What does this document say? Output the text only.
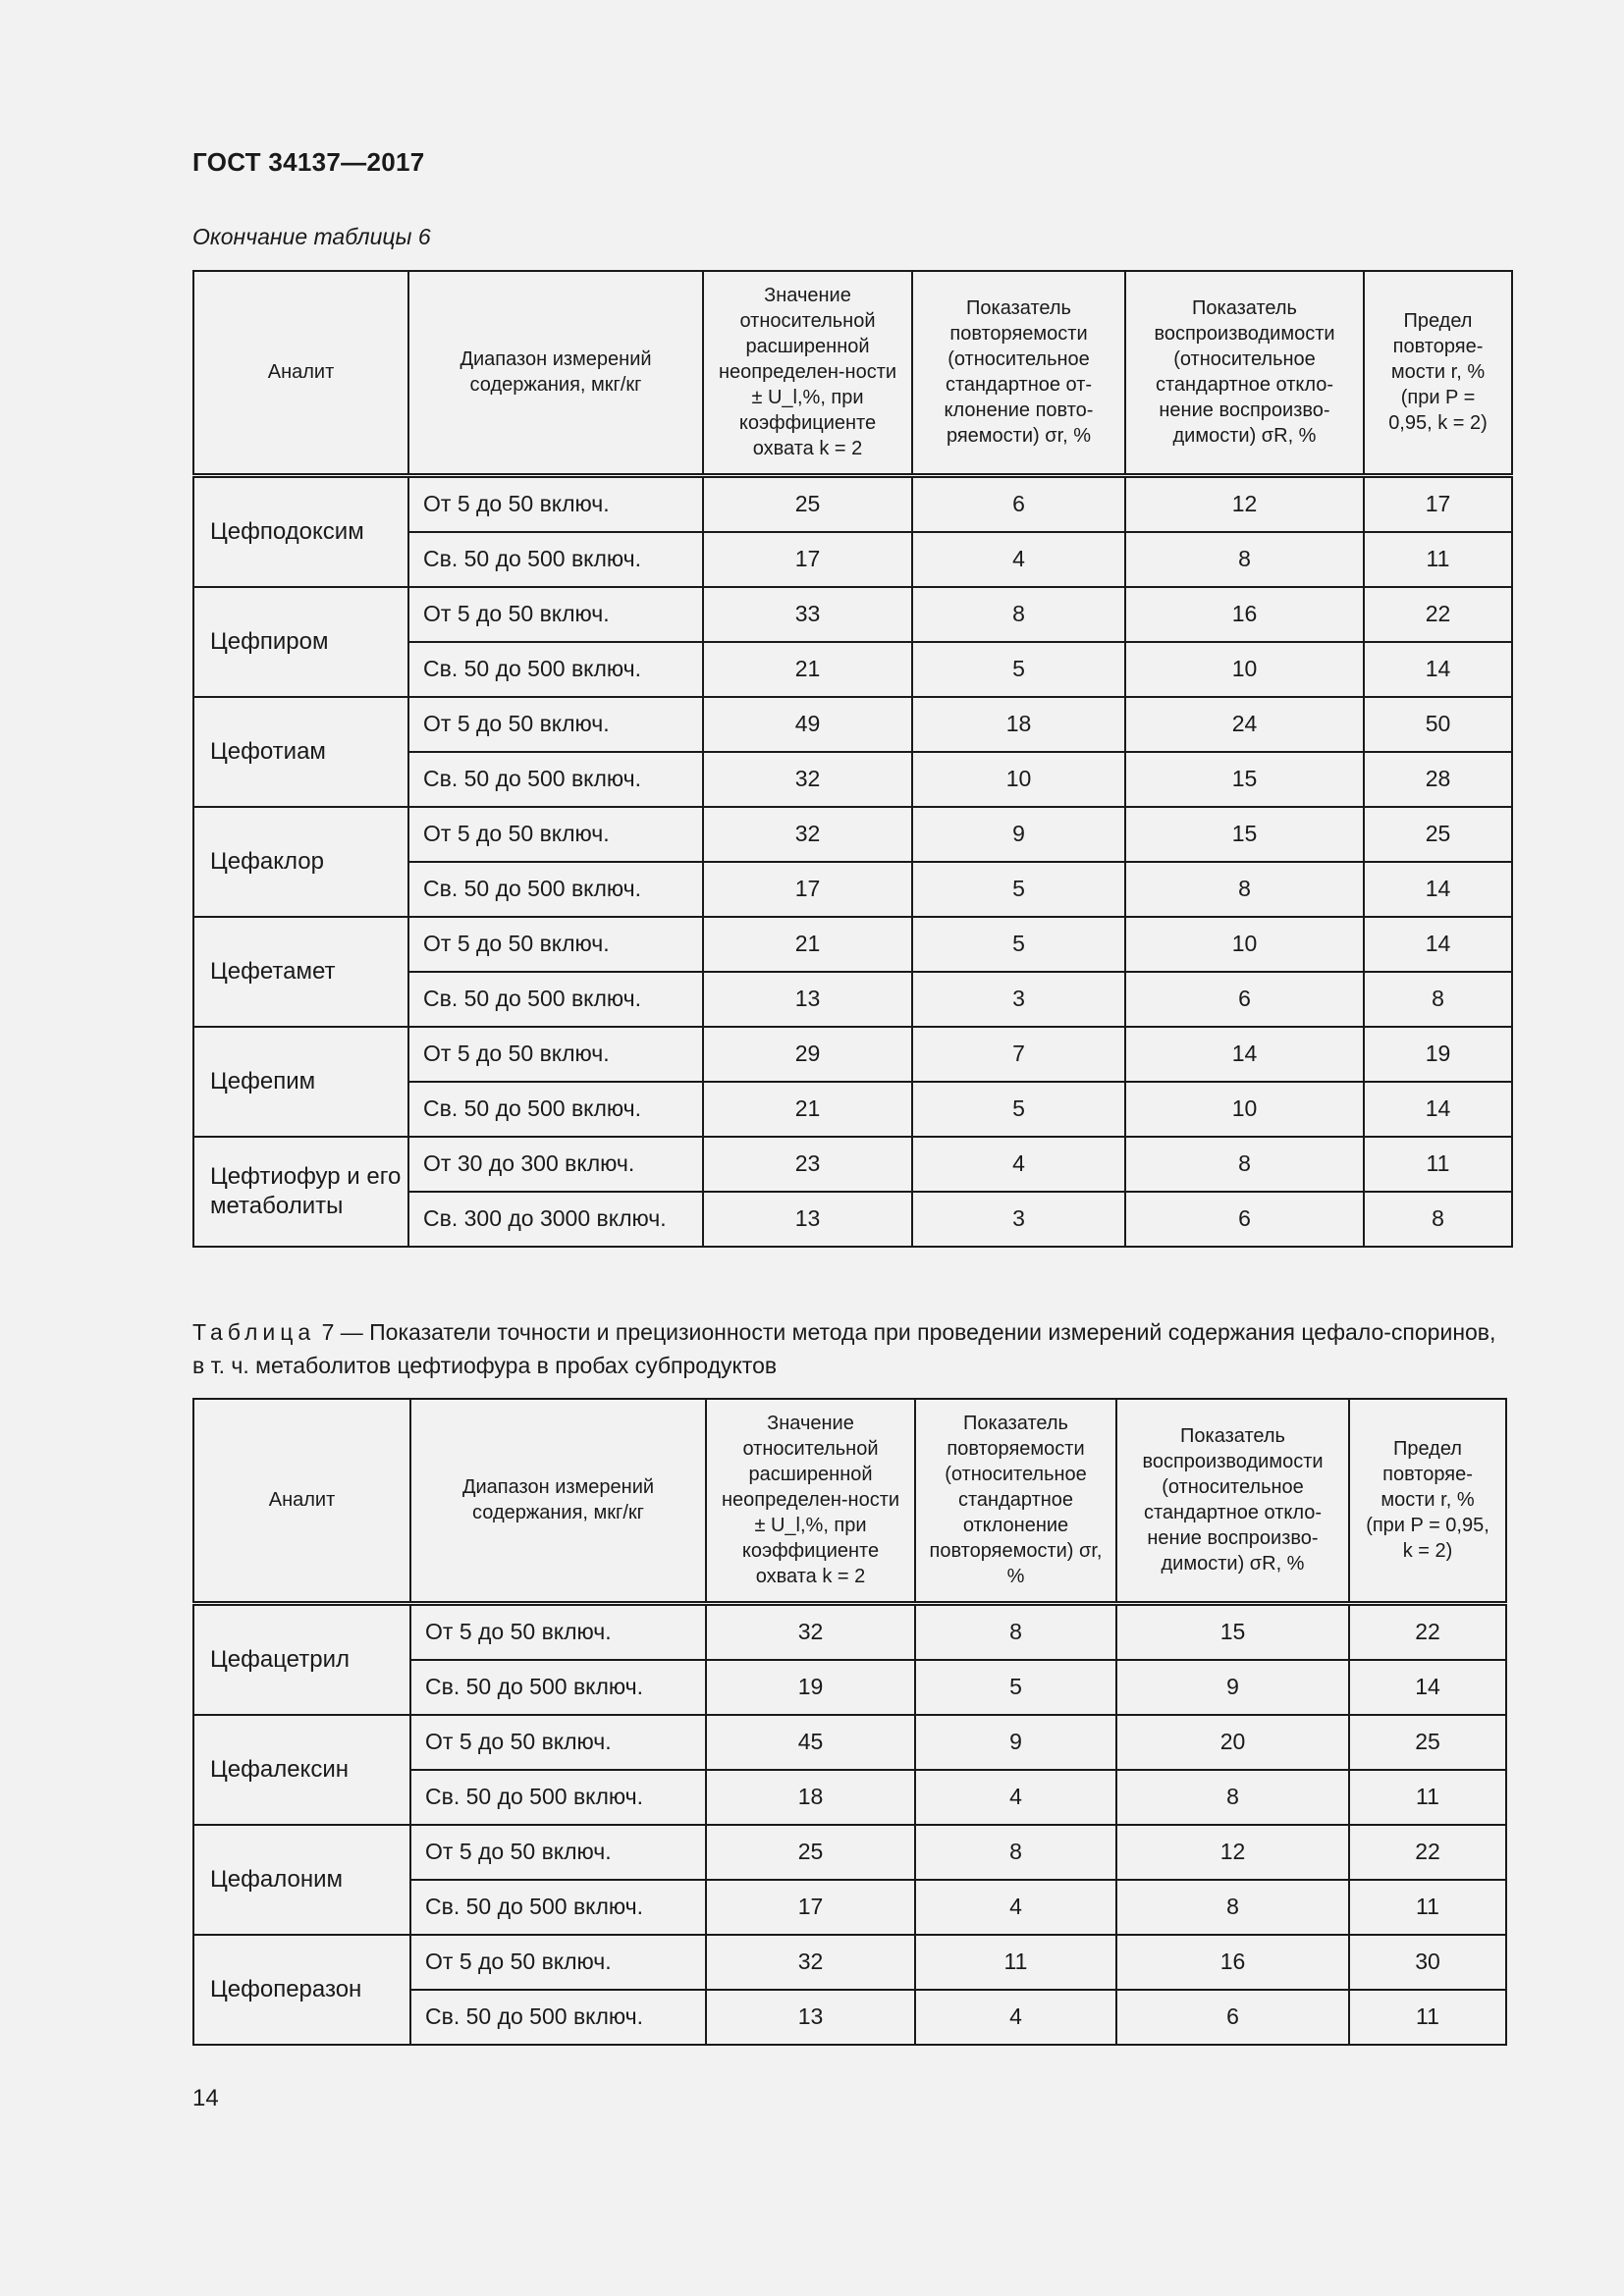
ГОСТ 34137—2017
Окончание таблицы 6
Аналит	Диапазон измерений содержания, мкг/кг	Значение относительной расширенной неопределен-ности ± U_l,%, при коэффициенте охвата k = 2	Показатель повторяемости (относительное стандартное от-клонение повто-ряемости) σr, %	Показатель воспроизводимости (относительное стандартное откло-нение воспроизво-димости) σR, %	Предел повторяе-мости r, % (при P = 0,95, k = 2)
Цефподоксим	От 5 до 50 включ.	25	6	12	17
	Св. 50 до 500 включ.	17	4	8	11
Цефпиром	От 5 до 50 включ.	33	8	16	22
	Св. 50 до 500 включ.	21	5	10	14
Цефотиам	От 5 до 50 включ.	49	18	24	50
	Св. 50 до 500 включ.	32	10	15	28
Цефаклор	От 5 до 50 включ.	32	9	15	25
	Св. 50 до 500 включ.	17	5	8	14
Цефетамет	От 5 до 50 включ.	21	5	10	14
	Св. 50 до 500 включ.	13	3	6	8
Цефепим	От 5 до 50 включ.	29	7	14	19
	Св. 50 до 500 включ.	21	5	10	14
Цефтиофур и его метаболиты	От 30 до 300 включ.	23	4	8	11
	Св. 300 до 3000 включ.	13	3	6	8
Таблица 7 — Показатели точности и прецизионности метода при проведении измерений содержания цефало-споринов, в т. ч. метаболитов цефтиофура в пробах субпродуктов
Аналит	Диапазон измерений содержания, мкг/кг	Значение относительной расширенной неопределен-ности ± U_l,%, при коэффициенте охвата k = 2	Показатель повторяемости (относительное стандартное отклонение повторяемости) σr, %	Показатель воспроизводимости (относительное стандартное откло-нение воспроизво-димости) σR, %	Предел повторяе-мости r, % (при P = 0,95, k = 2)
Цефацетрил	От 5 до 50 включ.	32	8	15	22
	Св. 50 до 500 включ.	19	5	9	14
Цефалексин	От 5 до 50 включ.	45	9	20	25
	Св. 50 до 500 включ.	18	4	8	11
Цефалоним	От 5 до 50 включ.	25	8	12	22
	Св. 50 до 500 включ.	17	4	8	11
Цефоперазон	От 5 до 50 включ.	32	11	16	30
	Св. 50 до 500 включ.	13	4	6	11
14
